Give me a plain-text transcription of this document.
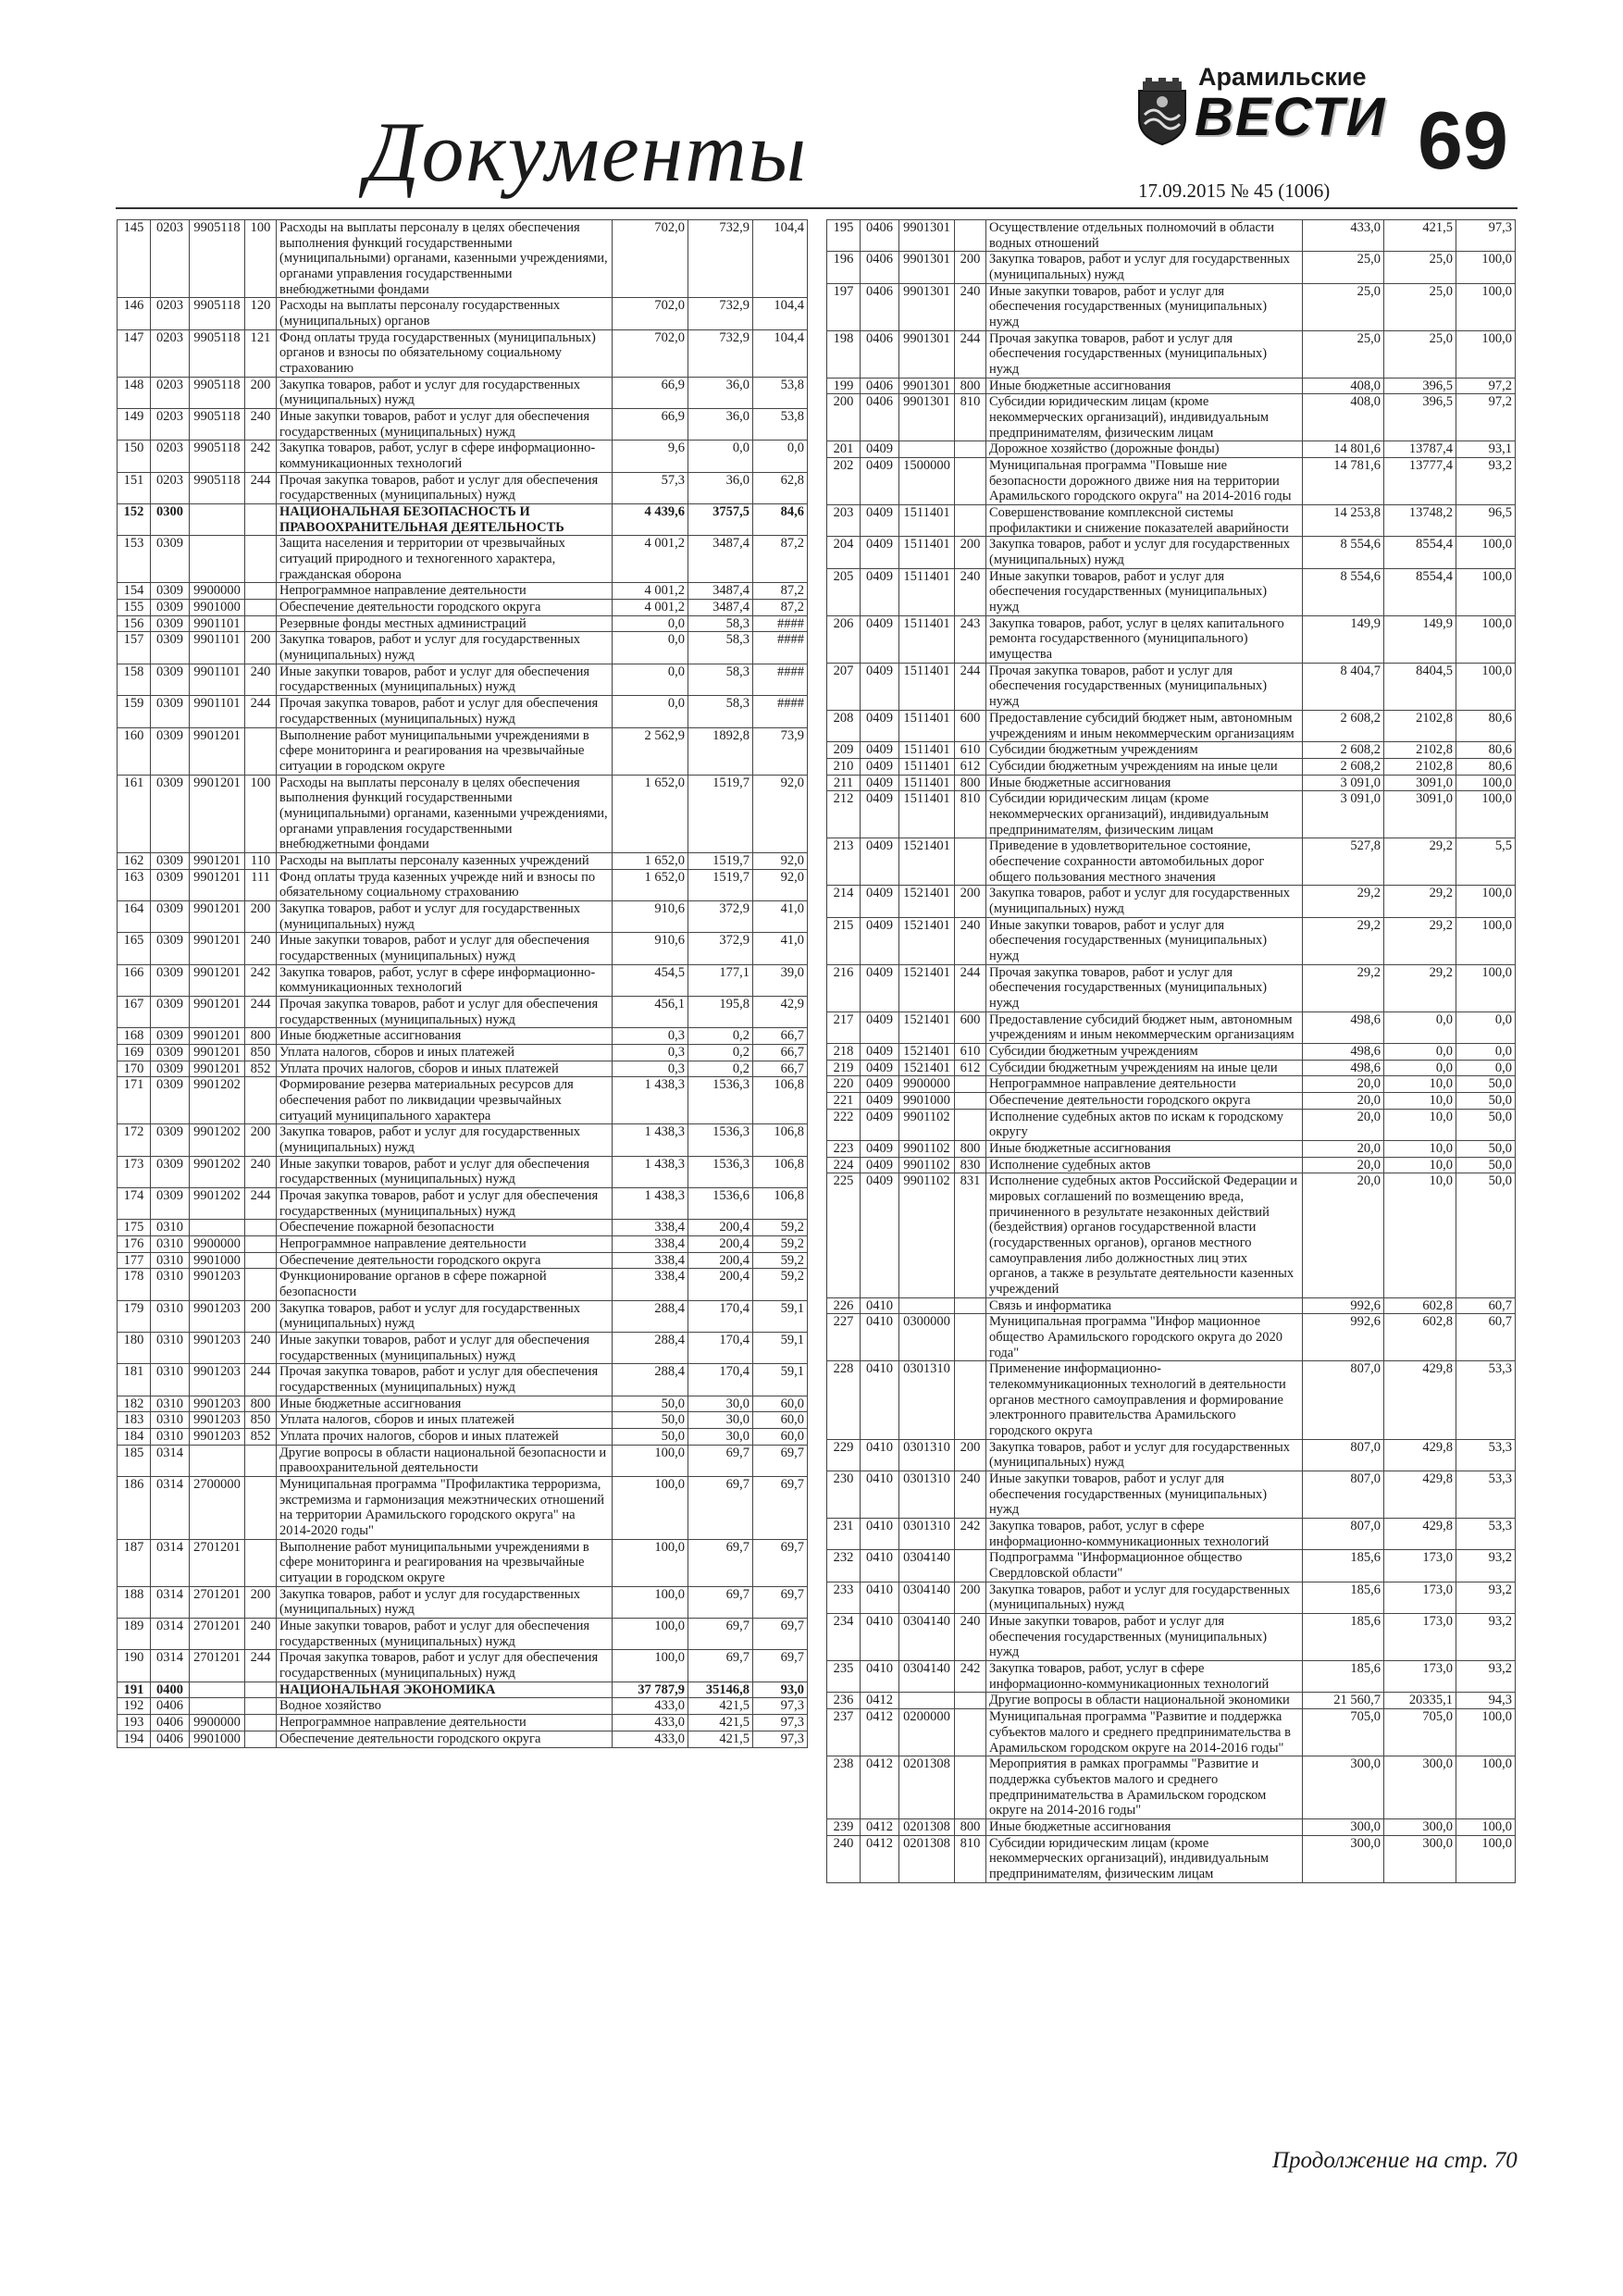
Документы
Арамильские
ВЕСТИ
17.09.2015 № 45 (1006)
69
145	0203	9905118	100	Расходы на выплаты персоналу в целях обеспечения выполнения функций государственными (муниципальными) органами, казенными учреждениями, органами управления государственными внебюджетными фондами	702,0	732,9	104,4
146	0203	9905118	120	Расходы на выплаты персоналу государственных (муниципальных) органов	702,0	732,9	104,4
147	0203	9905118	121	Фонд оплаты труда государственных (муниципальных) органов и взносы по обязательному социальному страхованию	702,0	732,9	104,4
148	0203	9905118	200	Закупка товаров, работ и услуг для государственных (муниципальных) нужд	66,9	36,0	53,8
149	0203	9905118	240	Иные закупки товаров, работ и услуг для обеспечения государственных (муниципальных) нужд	66,9	36,0	53,8
150	0203	9905118	242	Закупка товаров, работ, услуг в сфере информационно-коммуникационных технологий	9,6	0,0	0,0
151	0203	9905118	244	Прочая закупка товаров, работ и услуг для обеспечения государственных (муниципальных) нужд	57,3	36,0	62,8
152	0300			НАЦИОНАЛЬНАЯ БЕЗОПАСНОСТЬ И ПРАВООХРАНИТЕЛЬНАЯ ДЕЯТЕЛЬНОСТЬ	4 439,6	3757,5	84,6
153	0309			Защита населения и территории от чрезвычайных ситуаций природного и техногенного характера, гражданская оборона	4 001,2	3487,4	87,2
154	0309	9900000		Непрограммное направление деятельности	4 001,2	3487,4	87,2
155	0309	9901000		Обеспечение деятельности городского округа	4 001,2	3487,4	87,2
156	0309	9901101		Резервные фонды местных администраций	0,0	58,3	####
157	0309	9901101	200	Закупка товаров, работ и услуг для государственных (муниципальных) нужд	0,0	58,3	####
158	0309	9901101	240	Иные закупки товаров, работ и услуг для обеспечения государственных (муниципальных) нужд	0,0	58,3	####
159	0309	9901101	244	Прочая закупка товаров, работ и услуг для обеспечения государственных (муниципальных) нужд	0,0	58,3	####
160	0309	9901201		Выполнение работ муниципальными учреждениями в сфере мониторинга и реагирования на чрезвычайные ситуации в городском округе	2 562,9	1892,8	73,9
161	0309	9901201	100	Расходы на выплаты персоналу в целях обеспечения выполнения функций государственными (муниципальными) органами, казенными учреждениями, органами управления государственными внебюджетными фондами	1 652,0	1519,7	92,0
162	0309	9901201	110	Расходы на выплаты персоналу казенных учреждений	1 652,0	1519,7	92,0
163	0309	9901201	111	Фонд оплаты труда казенных учрежде ний и взносы по обязательному социальному страхованию	1 652,0	1519,7	92,0
164	0309	9901201	200	Закупка товаров, работ и услуг для государственных (муниципальных) нужд	910,6	372,9	41,0
165	0309	9901201	240	Иные закупки товаров, работ и услуг для обеспечения государственных (муниципальных) нужд	910,6	372,9	41,0
166	0309	9901201	242	Закупка товаров, работ, услуг в сфере информационно-коммуникационных технологий	454,5	177,1	39,0
167	0309	9901201	244	Прочая закупка товаров, работ и услуг для обеспечения государственных (муниципальных) нужд	456,1	195,8	42,9
168	0309	9901201	800	Иные бюджетные ассигнования	0,3	0,2	66,7
169	0309	9901201	850	Уплата налогов, сборов и иных платежей	0,3	0,2	66,7
170	0309	9901201	852	Уплата прочих налогов, сборов и иных платежей	0,3	0,2	66,7
171	0309	9901202		Формирование резерва материальных ресурсов для обеспечения работ по ликвидации чрезвычайных ситуаций муниципального характера	1 438,3	1536,3	106,8
172	0309	9901202	200	Закупка товаров, работ и услуг для государственных (муниципальных) нужд	1 438,3	1536,3	106,8
173	0309	9901202	240	Иные закупки товаров, работ и услуг для обеспечения государственных (муниципальных) нужд	1 438,3	1536,3	106,8
174	0309	9901202	244	Прочая закупка товаров, работ и услуг для обеспечения государственных (муниципальных) нужд	1 438,3	1536,6	106,8
175	0310			Обеспечение пожарной безопасности	338,4	200,4	59,2
176	0310	9900000		Непрограммное направление деятельности	338,4	200,4	59,2
177	0310	9901000		Обеспечение деятельности городского округа	338,4	200,4	59,2
178	0310	9901203		Функционирование органов в сфере пожарной безопасности	338,4	200,4	59,2
179	0310	9901203	200	Закупка товаров, работ и услуг для государственных (муниципальных) нужд	288,4	170,4	59,1
180	0310	9901203	240	Иные закупки товаров, работ и услуг для обеспечения государственных (муниципальных) нужд	288,4	170,4	59,1
181	0310	9901203	244	Прочая закупка товаров, работ и услуг для обеспечения государственных (муниципальных) нужд	288,4	170,4	59,1
182	0310	9901203	800	Иные бюджетные ассигнования	50,0	30,0	60,0
183	0310	9901203	850	Уплата налогов, сборов и иных платежей	50,0	30,0	60,0
184	0310	9901203	852	Уплата прочих налогов, сборов и иных платежей	50,0	30,0	60,0
185	0314			Другие вопросы в области национальной безопасности и правоохранительной деятельности	100,0	69,7	69,7
186	0314	2700000		Муниципальная программа "Профилактика терроризма, экстремизма и гармонизация межэтнических отношений на территории Арамильского городского округа" на 2014-2020 годы"	100,0	69,7	69,7
187	0314	2701201		Выполнение работ муниципальными учреждениями в сфере мониторинга и реагирования на чрезвычайные ситуации в городском округе	100,0	69,7	69,7
188	0314	2701201	200	Закупка товаров, работ и услуг для государственных (муниципальных) нужд	100,0	69,7	69,7
189	0314	2701201	240	Иные закупки товаров, работ и услуг для обеспечения государственных (муниципальных) нужд	100,0	69,7	69,7
190	0314	2701201	244	Прочая закупка товаров, работ и услуг для обеспечения государственных (муниципальных) нужд	100,0	69,7	69,7
191	0400			НАЦИОНАЛЬНАЯ ЭКОНОМИКА	37 787,9	35146,8	93,0
192	0406			Водное хозяйство	433,0	421,5	97,3
193	0406	9900000		Непрограммное направление деятельности	433,0	421,5	97,3
194	0406	9901000		Обеспечение деятельности городского округа	433,0	421,5	97,3
195	0406	9901301		Осуществление отдельных полномочий в области водных отношений	433,0	421,5	97,3
196	0406	9901301	200	Закупка товаров, работ и услуг для государственных (муниципальных) нужд	25,0	25,0	100,0
197	0406	9901301	240	Иные закупки товаров, работ и услуг для обеспечения государственных (муниципальных) нужд	25,0	25,0	100,0
198	0406	9901301	244	Прочая закупка товаров, работ и услуг для обеспечения государственных (муниципальных) нужд	25,0	25,0	100,0
199	0406	9901301	800	Иные бюджетные ассигнования	408,0	396,5	97,2
200	0406	9901301	810	Субсидии юридическим лицам (кроме некоммерческих организаций), индивидуальным предпринимателям, физическим лицам	408,0	396,5	97,2
201	0409			Дорожное хозяйство (дорожные фонды)	14 801,6	13787,4	93,1
202	0409	1500000		Муниципальная программа "Повыше ние безопасности дорожного движе ния на территории Арамильского городского округа" на 2014-2016 годы	14 781,6	13777,4	93,2
203	0409	1511401		Совершенствование комплексной системы профилактики и снижение показателей аварийности	14 253,8	13748,2	96,5
204	0409	1511401	200	Закупка товаров, работ и услуг для государственных (муниципальных) нужд	8 554,6	8554,4	100,0
205	0409	1511401	240	Иные закупки товаров, работ и услуг для обеспечения государственных (муниципальных) нужд	8 554,6	8554,4	100,0
206	0409	1511401	243	Закупка товаров, работ, услуг в целях капитального ремонта государственного (муниципального) имущества	149,9	149,9	100,0
207	0409	1511401	244	Прочая закупка товаров, работ и услуг для обеспечения государственных (муниципальных) нужд	8 404,7	8404,5	100,0
208	0409	1511401	600	Предоставление субсидий бюджет ным, автономным учреждениям и иным некоммерческим организациям	2 608,2	2102,8	80,6
209	0409	1511401	610	Субсидии бюджетным учреждениям	2 608,2	2102,8	80,6
210	0409	1511401	612	Субсидии бюджетным учреждениям на иные цели	2 608,2	2102,8	80,6
211	0409	1511401	800	Иные бюджетные ассигнования	3 091,0	3091,0	100,0
212	0409	1511401	810	Субсидии юридическим лицам (кроме некоммерческих организаций), индивидуальным предпринимателям, физическим лицам	3 091,0	3091,0	100,0
213	0409	1521401		Приведение в удовлетворительное состояние, обеспечение сохранности автомобильных дорог общего пользования местного значения	527,8	29,2	5,5
214	0409	1521401	200	Закупка товаров, работ и услуг для государственных (муниципальных) нужд	29,2	29,2	100,0
215	0409	1521401	240	Иные закупки товаров, работ и услуг для обеспечения государственных (муниципальных) нужд	29,2	29,2	100,0
216	0409	1521401	244	Прочая закупка товаров, работ и услуг для обеспечения государственных (муниципальных) нужд	29,2	29,2	100,0
217	0409	1521401	600	Предоставление субсидий бюджет ным, автономным учреждениям и иным некоммерческим организациям	498,6	0,0	0,0
218	0409	1521401	610	Субсидии бюджетным учреждениям	498,6	0,0	0,0
219	0409	1521401	612	Субсидии бюджетным учреждениям на иные цели	498,6	0,0	0,0
220	0409	9900000		Непрограммное направление деятельности	20,0	10,0	50,0
221	0409	9901000		Обеспечение деятельности городского округа	20,0	10,0	50,0
222	0409	9901102		Исполнение судебных актов по искам к городскому округу	20,0	10,0	50,0
223	0409	9901102	800	Иные бюджетные ассигнования	20,0	10,0	50,0
224	0409	9901102	830	Исполнение судебных актов	20,0	10,0	50,0
225	0409	9901102	831	Исполнение судебных актов Российской Федерации и мировых соглашений по возмещению вреда, причиненного в результате незаконных действий (бездействия) органов государственной власти (государственных органов), органов местного самоуправления либо должностных лиц этих органов, а также в результате деятельности казенных учреждений	20,0	10,0	50,0
226	0410			Связь и информатика	992,6	602,8	60,7
227	0410	0300000		Муниципальная программа "Инфор мационное общество Арамильского городского округа до 2020 года"	992,6	602,8	60,7
228	0410	0301310		Применение информационно- телекоммуникационных технологий в деятельности органов местного самоуправления и формирование электронного правительства Арамильского городского округа	807,0	429,8	53,3
229	0410	0301310	200	Закупка товаров, работ и услуг для государственных (муниципальных) нужд	807,0	429,8	53,3
230	0410	0301310	240	Иные закупки товаров, работ и услуг для обеспечения государственных (муниципальных) нужд	807,0	429,8	53,3
231	0410	0301310	242	Закупка товаров, работ, услуг в сфере информационно-коммуникационных технологий	807,0	429,8	53,3
232	0410	0304140		Подпрограмма "Информационное общество Свердловской области"	185,6	173,0	93,2
233	0410	0304140	200	Закупка товаров, работ и услуг для государственных (муниципальных) нужд	185,6	173,0	93,2
234	0410	0304140	240	Иные закупки товаров, работ и услуг для обеспечения государственных (муниципальных) нужд	185,6	173,0	93,2
235	0410	0304140	242	Закупка товаров, работ, услуг в сфере информационно-коммуникационных технологий	185,6	173,0	93,2
236	0412			Другие вопросы в области национальной экономики	21 560,7	20335,1	94,3
237	0412	0200000		Муниципальная программа "Развитие и поддержка субъектов малого и среднего предпринимательства в Арамильском городском округе на 2014-2016 годы"	705,0	705,0	100,0
238	0412	0201308		Мероприятия в рамках программы "Развитие и поддержка субъектов малого и среднего предпринимательства в Арамильском городском округе на 2014-2016 годы"	300,0	300,0	100,0
239	0412	0201308	800	Иные бюджетные ассигнования	300,0	300,0	100,0
240	0412	0201308	810	Субсидии юридическим лицам (кроме некоммерческих организаций), индивидуальным предпринимателям, физическим лицам	300,0	300,0	100,0
Продолжение на стр. 70
